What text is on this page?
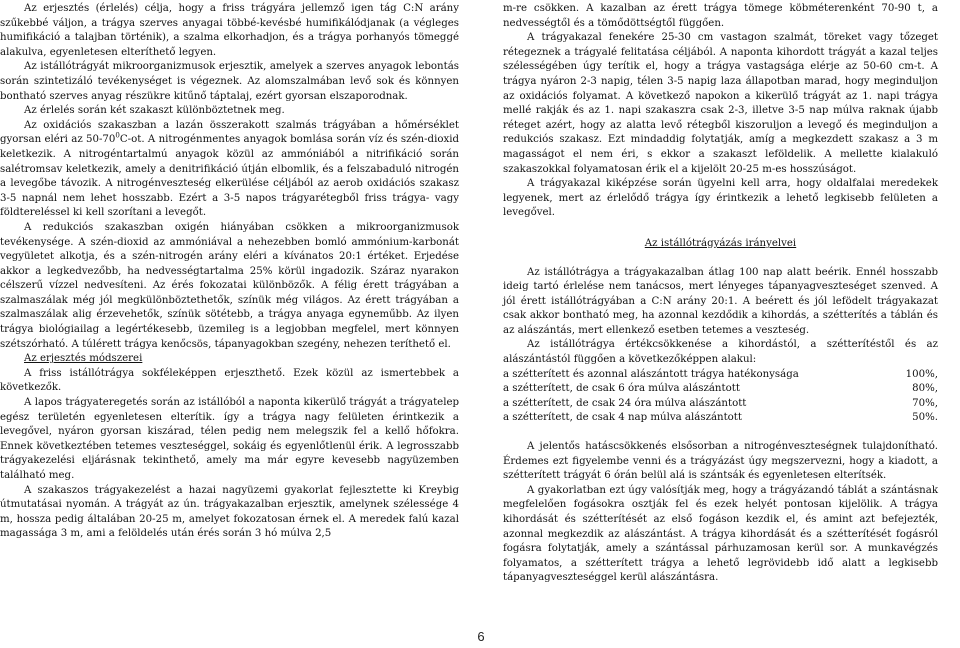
Az erjesztés (érlelés) célja, hogy a friss trágyára jellemző igen tág C:N arány szűkebbé váljon, a trágya szerves anyagai többé-kevésbé humifikálódjanak (a végleges humifikáció a talajban történik), a szalma elkorhadjon, és a trágya porhanyós tömeggé alakulva, egyenletesen elteríthető legyen.

Az istállótrágyát mikroorganizmusok erjesztik, amelyek a szerves anyagok lebontás során szintetizáló tevékenységet is végeznek. Az alomszalmában levő sok és könnyen bontható szerves anyag részükre kitűnő táptalaj, ezért gyorsan elszaporodnak.

Az érlelés során két szakaszt különböztetnek meg.

Az oxidációs szakaszban a lazán összerakott szalmás trágyában a hőmérséklet gyorsan eléri az $50-70^0C-ot$. A nitrogénmentes anyagok bomlása során víz és szén-dioxid keletkezik. A nitrogéntartalmú anyagok közül az ammóniából a nitrifikáció során salétromsav keletkezik, amely a denitrifikáció útján elbomlik, és a felszabaduló nitrogén a levegőbe távozik. A nitrogénveszteség elkerülése céljából az aerob oxidációs szakasz 3-5 napnál nem lehet hosszabb. Ezért a 3-5 napos trágyarétegből friss trágya- vagy földtereléssel ki kell szorítani a levegőt.

A redukciós szakaszban oxigén hiányában csökken a mikroorganizmusok tevékenysége. A szén-dioxid az ammóniával a nehezebben bomló ammónium-karbonát vegyületet alkotja, és a szén-nitrogén arány eléri a kívánatos 20:1 értéket. Erjedése akkor a legkedvezőbb, ha nedvességtartalma 25% körül ingadozik. Száraz nyarakon célszerű vízzel nedvesíteni. Az érés fokozatai különbözők. A félig érett trágyában a szalmaszálak még jól megkülönböztethetők, színük még világos. Az érett trágyában a szalmaszálak alig érzevehetők, színük sötétebb, a trágya anyaga egyneműbb. Az ilyen trágya biológiailag a legértékesebb, üzemileg is a legjobban megfelel, mert könnyen szétszórható. A túlérett trágya kenőcsös, tápanyagokban szegény, nehezen teríthető el.

Az erjesztés módszerei

A friss istállótrágya sokféleképpen erjeszthető. Ezek közül az ismertebbek a következők.

A lapos trágyateregetés során az istállóból a naponta kikerülő trágyát a trágyatelep egész területén egyenletesen elterítik. így a trágya nagy felületen érintkezik a levegővel, nyáron gyorsan kiszárad, télen pedig nem melegszik fel a kellő hőfokra. Ennek következtében tetemes veszteséggel, sokáig és egyenlőtlenül érik. A legrosszabb trágyakezelési eljárásnak tekinthető, amely ma már egyre kevesebb nagyüzemben található meg.

A szakaszos trágyakezelést a hazai nagyüzemi gyakorlat fejlesztette ki Kreybig útmutatásai nyomán. A trágyát az ún. trágyakazalban erjesztik, amelynek szélessége 4 m, hossza pedig általában 20-25 m, amelyet fokozatosan érnek el. A meredek falú kazal magassága 3 m, ami a felöldelés után érés során 3 hó múlva 2,5

m-re csökken. A kazalban az érett trágya tömege köbméterenként 70-90 t, a nedvességtől és a tömődöttségtől függően.

A trágyakazal fenekére 25-30 cm vastagon szalmát, töreket vagy tőzeget rétegeznek a trágyalé felitatása céljából. A naponta kihordott trágyát a kazal teljes szélességében úgy terítik el, hogy a trágya vastagsága elérje az 50-60 cm-t. A trágya nyáron 2-3 napig, télen 3-5 napig laza állapotban marad, hogy meginduljon az oxidációs folyamat. A következő napokon a kikerülő trágyát az 1. napi trágya mellé rakják és az 1. napi szakaszra csak 2-3, illetve 3-5 nap múlva raknak újabb réteget azért, hogy az alatta levő rétegből kiszoruljon a levegő és meginduljon a redukciós szakasz. Ezt mindaddig folytatják, amíg a megkezdett szakasz a 3 m magasságot el nem éri, s ekkor a szakaszt leföldelik. A mellette kialakuló szakaszokkal folyamatosan érik el a kijelölt 20-25 m-es hosszúságot.

A trágyakazal kiképzése során ügyelni kell arra, hogy oldalfalai meredekek legyenek, mert az érlelődő trágya így érintkezik a lehető legkisebb felületen a levegővel.

Az istállótrágyázás irányelvei

Az istállótrágya a trágyakazalban átlag 100 nap alatt beérik. Ennél hosszabb ideig tartó érlelése nem tanácsos, mert lényeges tápanyagveszteséget szenved. A jól érett istállótrágyában a C:N arány 20:1. A beérett és jól lefödelt trágyakazat csak akkor bontható meg, ha azonnal kezdődik a kihordás, a szétterítés a táblán és az alászántás, mert ellenkező esetben tetemes a veszteség.

Az istállótrágya értékcsökkenése a kihordástól, a szétterítéstől és az alászántástól függően a következőképpen alakul:

a szétterített és azonnal alászántott trágya hatékonysága	100%,
a szétterített, de csak 6 óra múlva alászántott	80%,
a szétterített, de csak 24 óra múlva alászántott	70%,
a szétterített, de csak 4 nap múlva alászántott	50%.

A jelentős hatáscsökkenés elsősorban a nitrogénveszteségnek tulajdonítható. Érdemes ezt figyelembe venni és a trágyázást úgy megszervezni, hogy a kiadott, a szétterített trágyát 6 órán belül alá is szántsák és egyenletesen elterítsék.

A gyakorlatban ezt úgy valósítják meg, hogy a trágyázandó táblát a szántásnak megfelelően fogásokra osztják fel és ezek helyét pontosan kijelölik. A trágya kihordását és szétterítését az első fogáson kezdik el, és amint azt befejezték, azonnal megkezdik az alászántást. A trágya kihordását és a szétterítését fogásról fogásra folytatják, amely a szántással párhuzamosan kerül sor. A munkavégzés folyamatos, a szétterített trágya a lehető legrövidebb idő alatt a legkisebb tápanyagveszteséggel kerül alászántásra.

6
